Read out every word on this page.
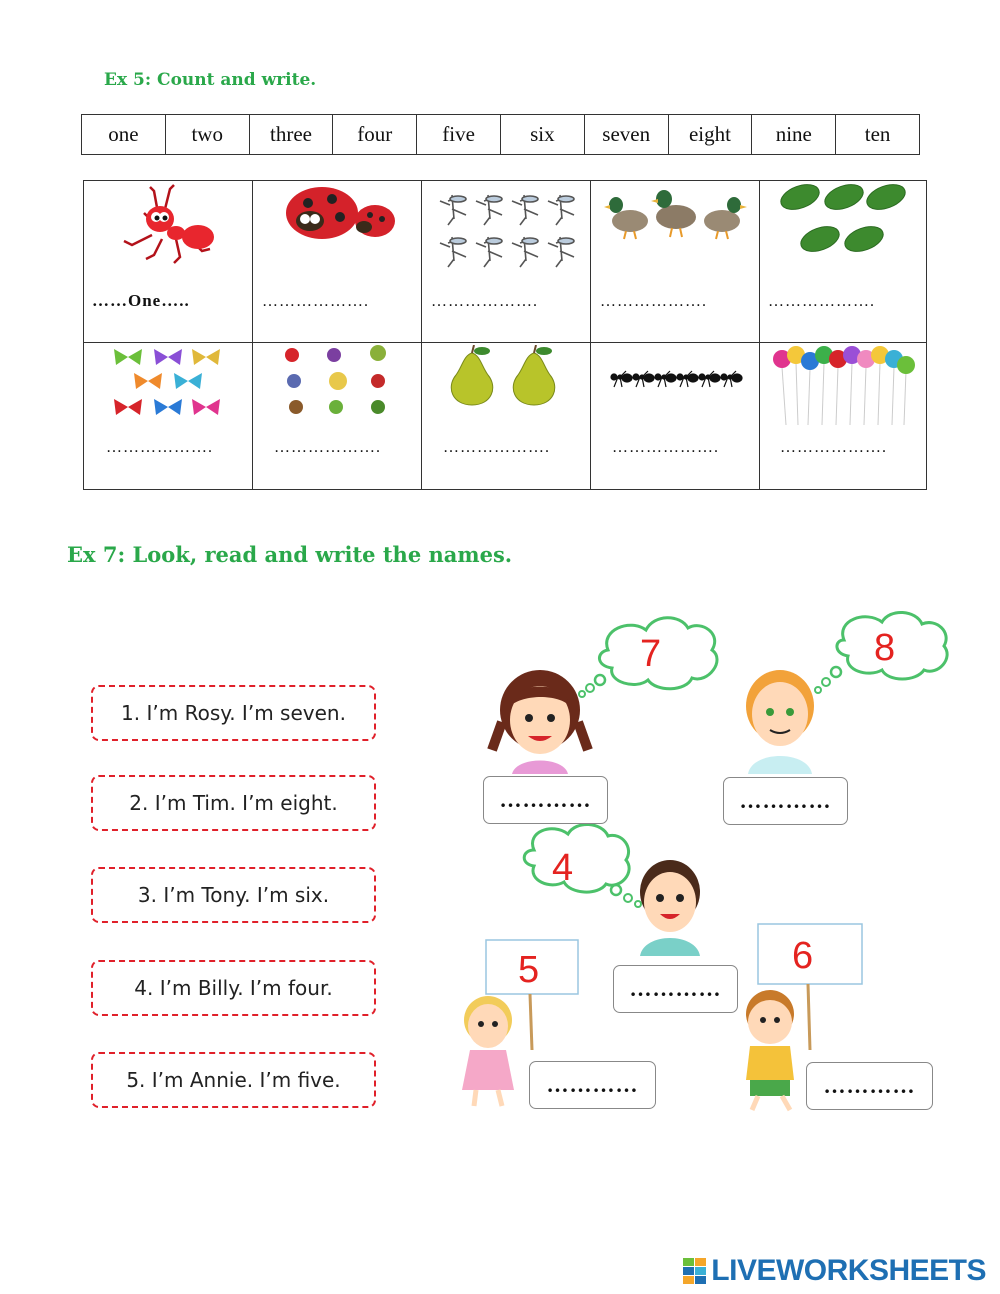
Ex 5: Count and write.
one	two	three	four	five	six	seven	eight	nine	ten
……One…..	……………….	……………….	……………….	……………….
……………….	……………….	……………….	……………….	……………….
Ex 7: Look, read and write the names.
1. I’m Rosy. I’m seven.
2. I’m Tim. I’m eight.
3. I’m Tony. I’m six.
4. I’m Billy. I’m four.
5. I’m Annie. I’m five.
7	8
4
5	6
…………	…………
…………
…………	…………
LIVEWORKSHEETS
